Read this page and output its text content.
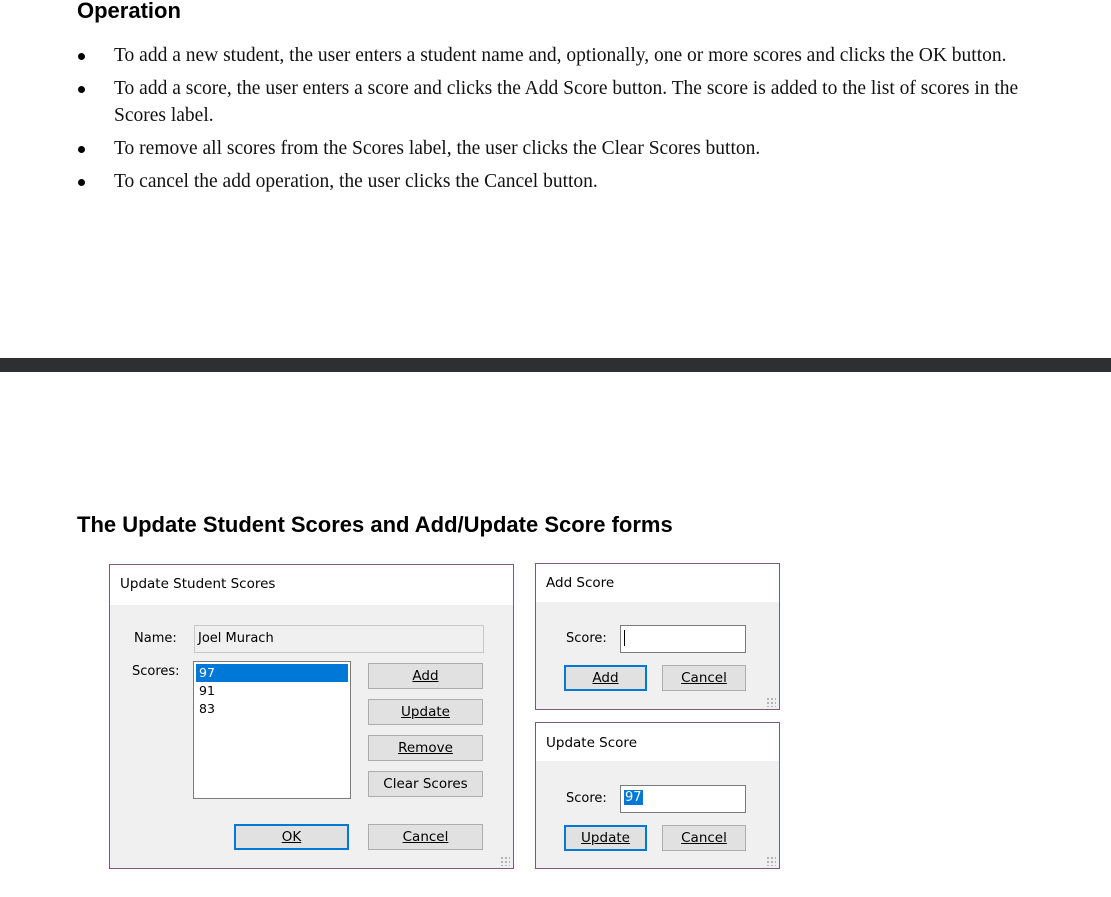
Operation
To add a new student, the user enters a student name and, optionally, one or more scores and clicks the OK button.
To add a score, the user enters a score and clicks the Add Score button. The score is added to the list of scores in the Scores label.
To remove all scores from the Scores label, the user clicks the Clear Scores button.
To cancel the add operation, the user clicks the Cancel button.
The Update Student Scores and Add/Update Score forms
Update Student Scores
Name: Joel Murach
Scores: 97
91
83
Add
Update
Remove
Clear Scores
OK	Cancel
Add Score
Score:
Add	Cancel
Update Score
Score: 97
Update	Cancel
